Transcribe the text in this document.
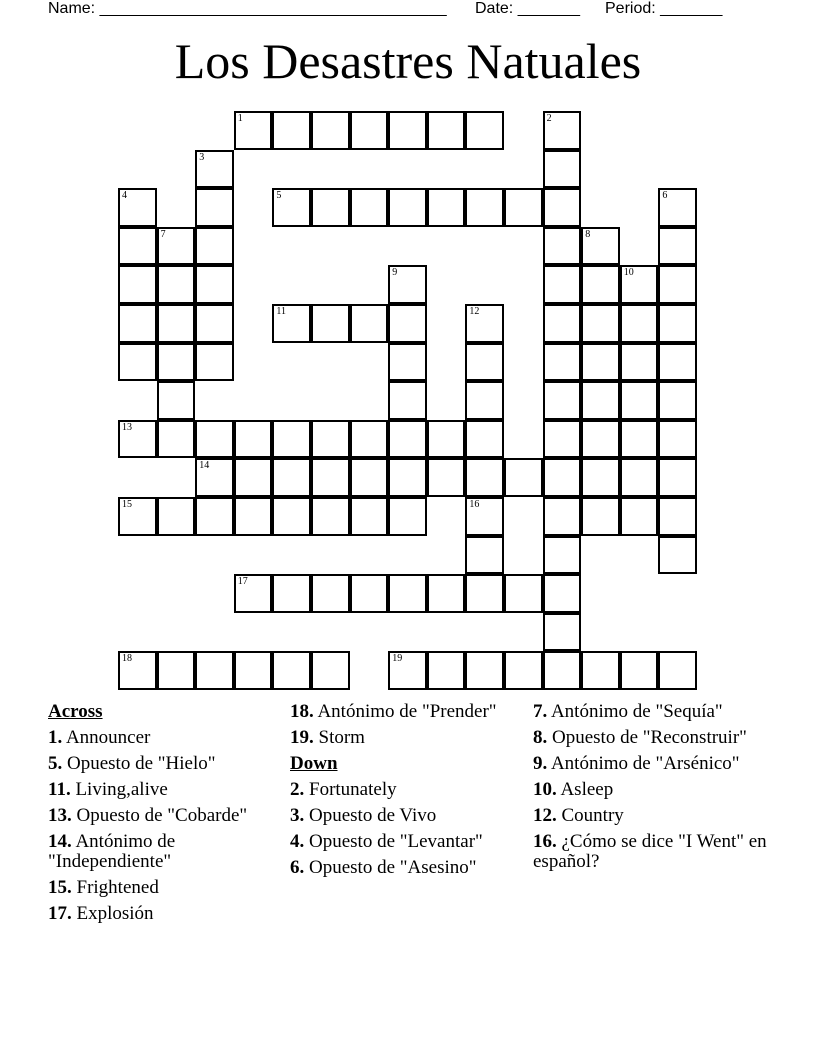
Name: _______________________________________ Date: _______ Period: _______
Los Desastres Natuales
1	2
3
4	5	6
7	8
9	10
11	12
13
14
15	16
17
18	19
Across
1. Announcer
5. Opuesto de "Hielo"
11. Living,alive
13. Opuesto de "Cobarde"
14. Antónimo de "Independiente"
15. Frightened
17. Explosión
18. Antónimo de "Prender"
19. Storm
Down
2. Fortunately
3. Opuesto de Vivo
4. Opuesto de "Levantar"
6. Opuesto de "Asesino"
7. Antónimo de "Sequía"
8. Opuesto de "Reconstruir"
9. Antónimo de "Arsénico"
10. Asleep
12. Country
16. ¿Cómo se dice "I Went" en español?
